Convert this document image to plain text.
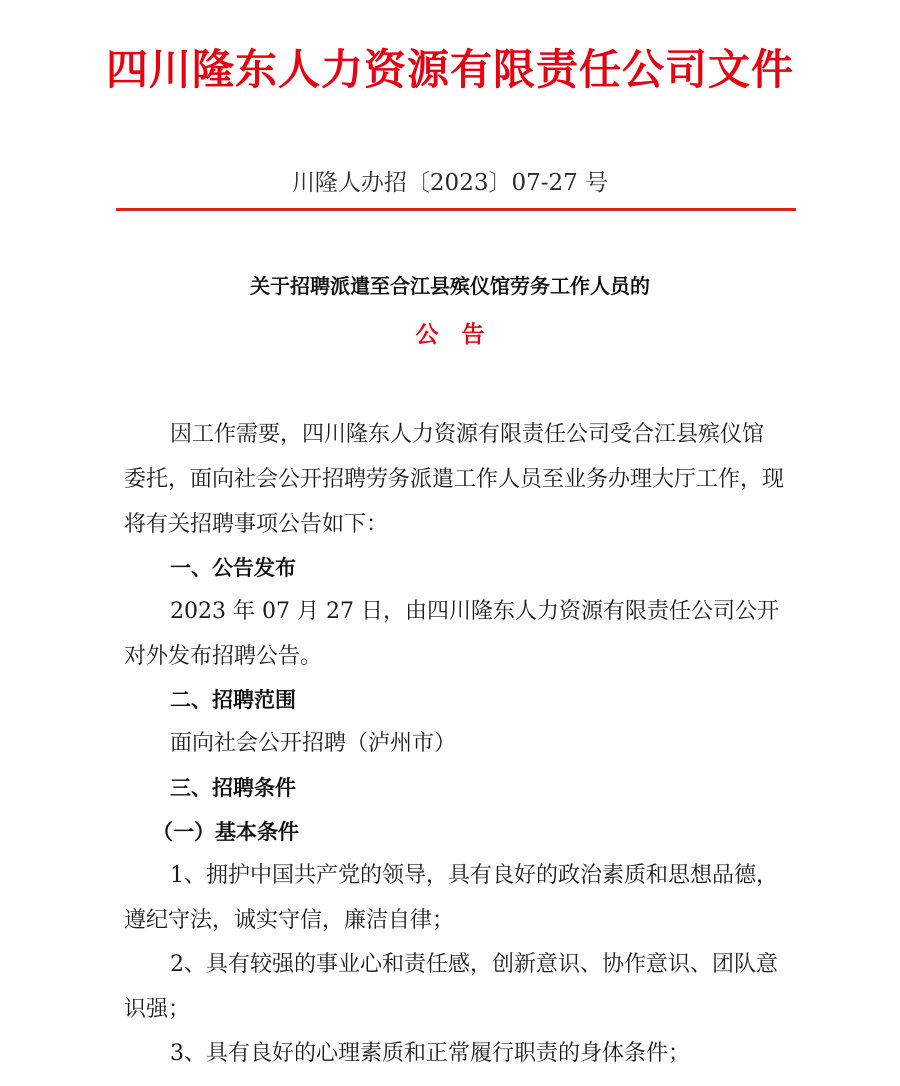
四川隆东人力资源有限责任公司文件
川隆人办招〔2023〕07-27 号
关于招聘派遣至合江县殡仪馆劳务工作人员的
公　告

因工作需要，四川隆东人力资源有限责任公司受合江县殡仪馆委托，面向社会公开招聘劳务派遣工作人员至业务办理大厅工作，现将有关招聘事项公告如下：

一、公告发布

2023 年 07 月 27 日，由四川隆东人力资源有限责任公司公开对外发布招聘公告。

二、招聘范围

面向社会公开招聘（泸州市）

三、招聘条件

（一）基本条件

1、拥护中国共产党的领导，具有良好的政治素质和思想品德，遵纪守法，诚实守信，廉洁自律；

2、具有较强的事业心和责任感，创新意识、协作意识、团队意识强；

3、具有良好的心理素质和正常履行职责的身体条件；
